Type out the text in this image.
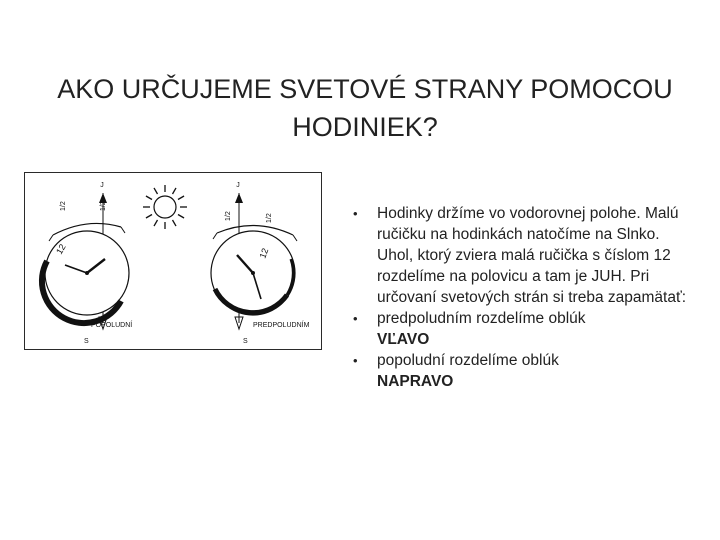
AKO URČUJEME SVETOVÉ STRANY POMOCOU
HODINIEK?
J
S
1/2	1/2
12
POPOLUDNÍ
J
S
1/2	1/2
12
PREDPOLUDNÍM
• Hodinky držíme vo vodorovnej polohe. Malú ručičku na hodinkách natočíme na Slnko. Uhol, ktorý zviera malá ručička s číslom 12 rozdelíme na polovicu a tam je JUH. Pri určovaní svetových strán si treba zapamätať:
• predpoludním rozdelíme oblúk
VĽAVO
• popoludní rozdelíme oblúk
NAPRAVO
